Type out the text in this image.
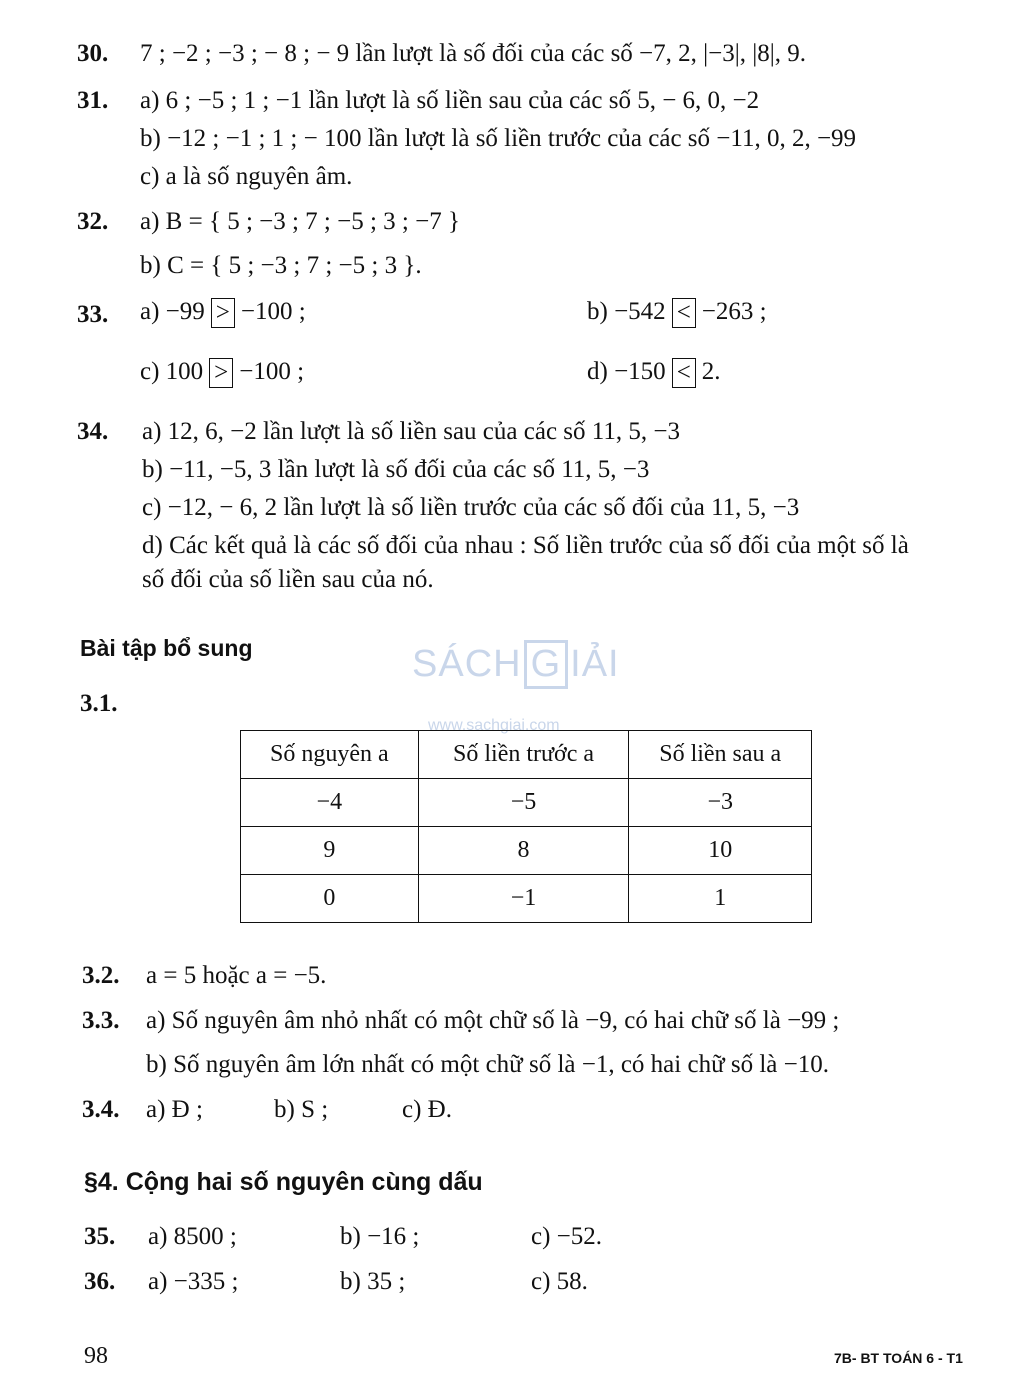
30. 7 ; −2 ; −3 ; − 8 ; − 9 lần lượt là số đối của các số −7, 2, |−3|, |8|, 9.
31. a) 6 ; −5 ; 1 ; −1 lần lượt là số liền sau của các số 5, − 6, 0, −2
b) −12 ; −1 ; 1 ; − 100 lần lượt là số liền trước của các số −11, 0, 2, −99
c) a là số nguyên âm.
32. a) B = { 5 ; −3 ; 7 ; −5 ; 3 ; −7 }
b) C = { 5 ; −3 ; 7 ; −5 ; 3 }.
33. a) −99 > −100 ;	b) −542 < −263 ;
c) 100 > −100 ;	d) −150 < 2.
34. a) 12, 6, −2 lần lượt là số liền sau của các số 11, 5, −3
b) −11, −5, 3 lần lượt là số đối của các số 11, 5, −3
c) −12, − 6, 2 lần lượt là số liền trước của các số đối của 11, 5, −3
d) Các kết quả là các số đối của nhau : Số liền trước của số đối của một số là
số đối của số liền sau của nó.
Bài tập bổ sung	SÁCH G IẢI
www.sachgiai.com
3.1.
Số nguyên a	Số liền trước a	Số liền sau a
−4	−5	−3
9	8	10
0	−1	1
3.2. a = 5 hoặc a = −5.
3.3. a) Số nguyên âm nhỏ nhất có một chữ số là −9, có hai chữ số là −99 ;
b) Số nguyên âm lớn nhất có một chữ số là −1, có hai chữ số là −10.
3.4. a) Đ ;	b) S ;	c) Đ.
§4. Cộng hai số nguyên cùng dấu
35. a) 8500 ;	b) −16 ;	c) −52.
36. a) −335 ;	b) 35 ;	c) 58.
98	7B- BT TOÁN 6 - T1
